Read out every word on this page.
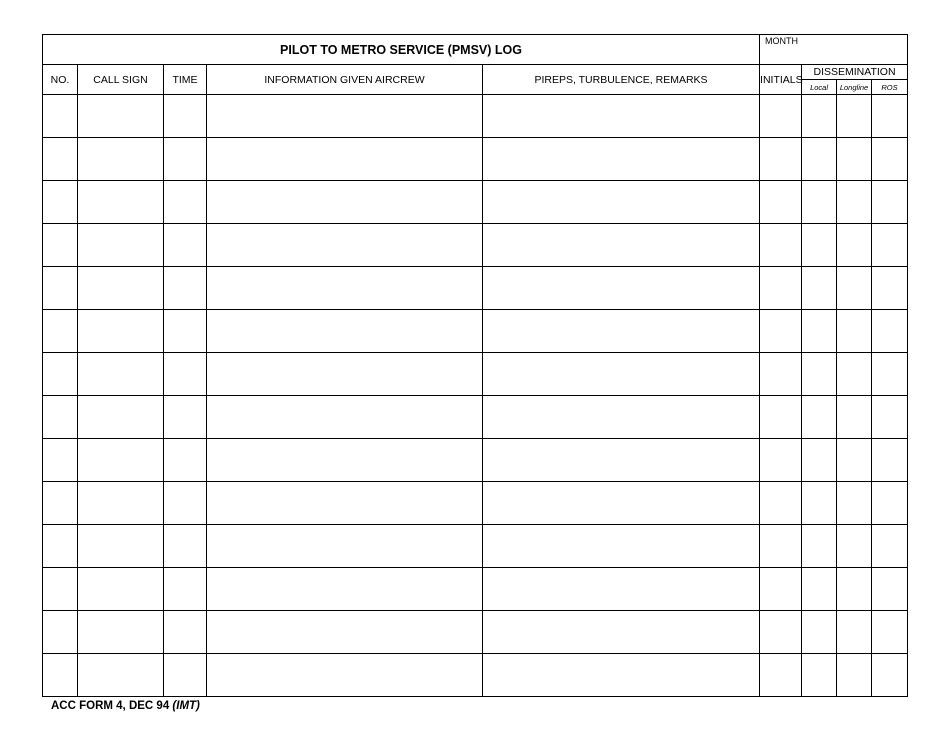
PILOT TO METRO SERVICE (PMSV) LOG					MONTH			
NO.	CALL SIGN	TIME	INFORMATION GIVEN AIRCREW	PIREPS, TURBULENCE, REMARKS	INITIALS	DISSEMINATION		
						Local	Longline	ROS

ACC FORM 4, DEC 94 (IMT)
